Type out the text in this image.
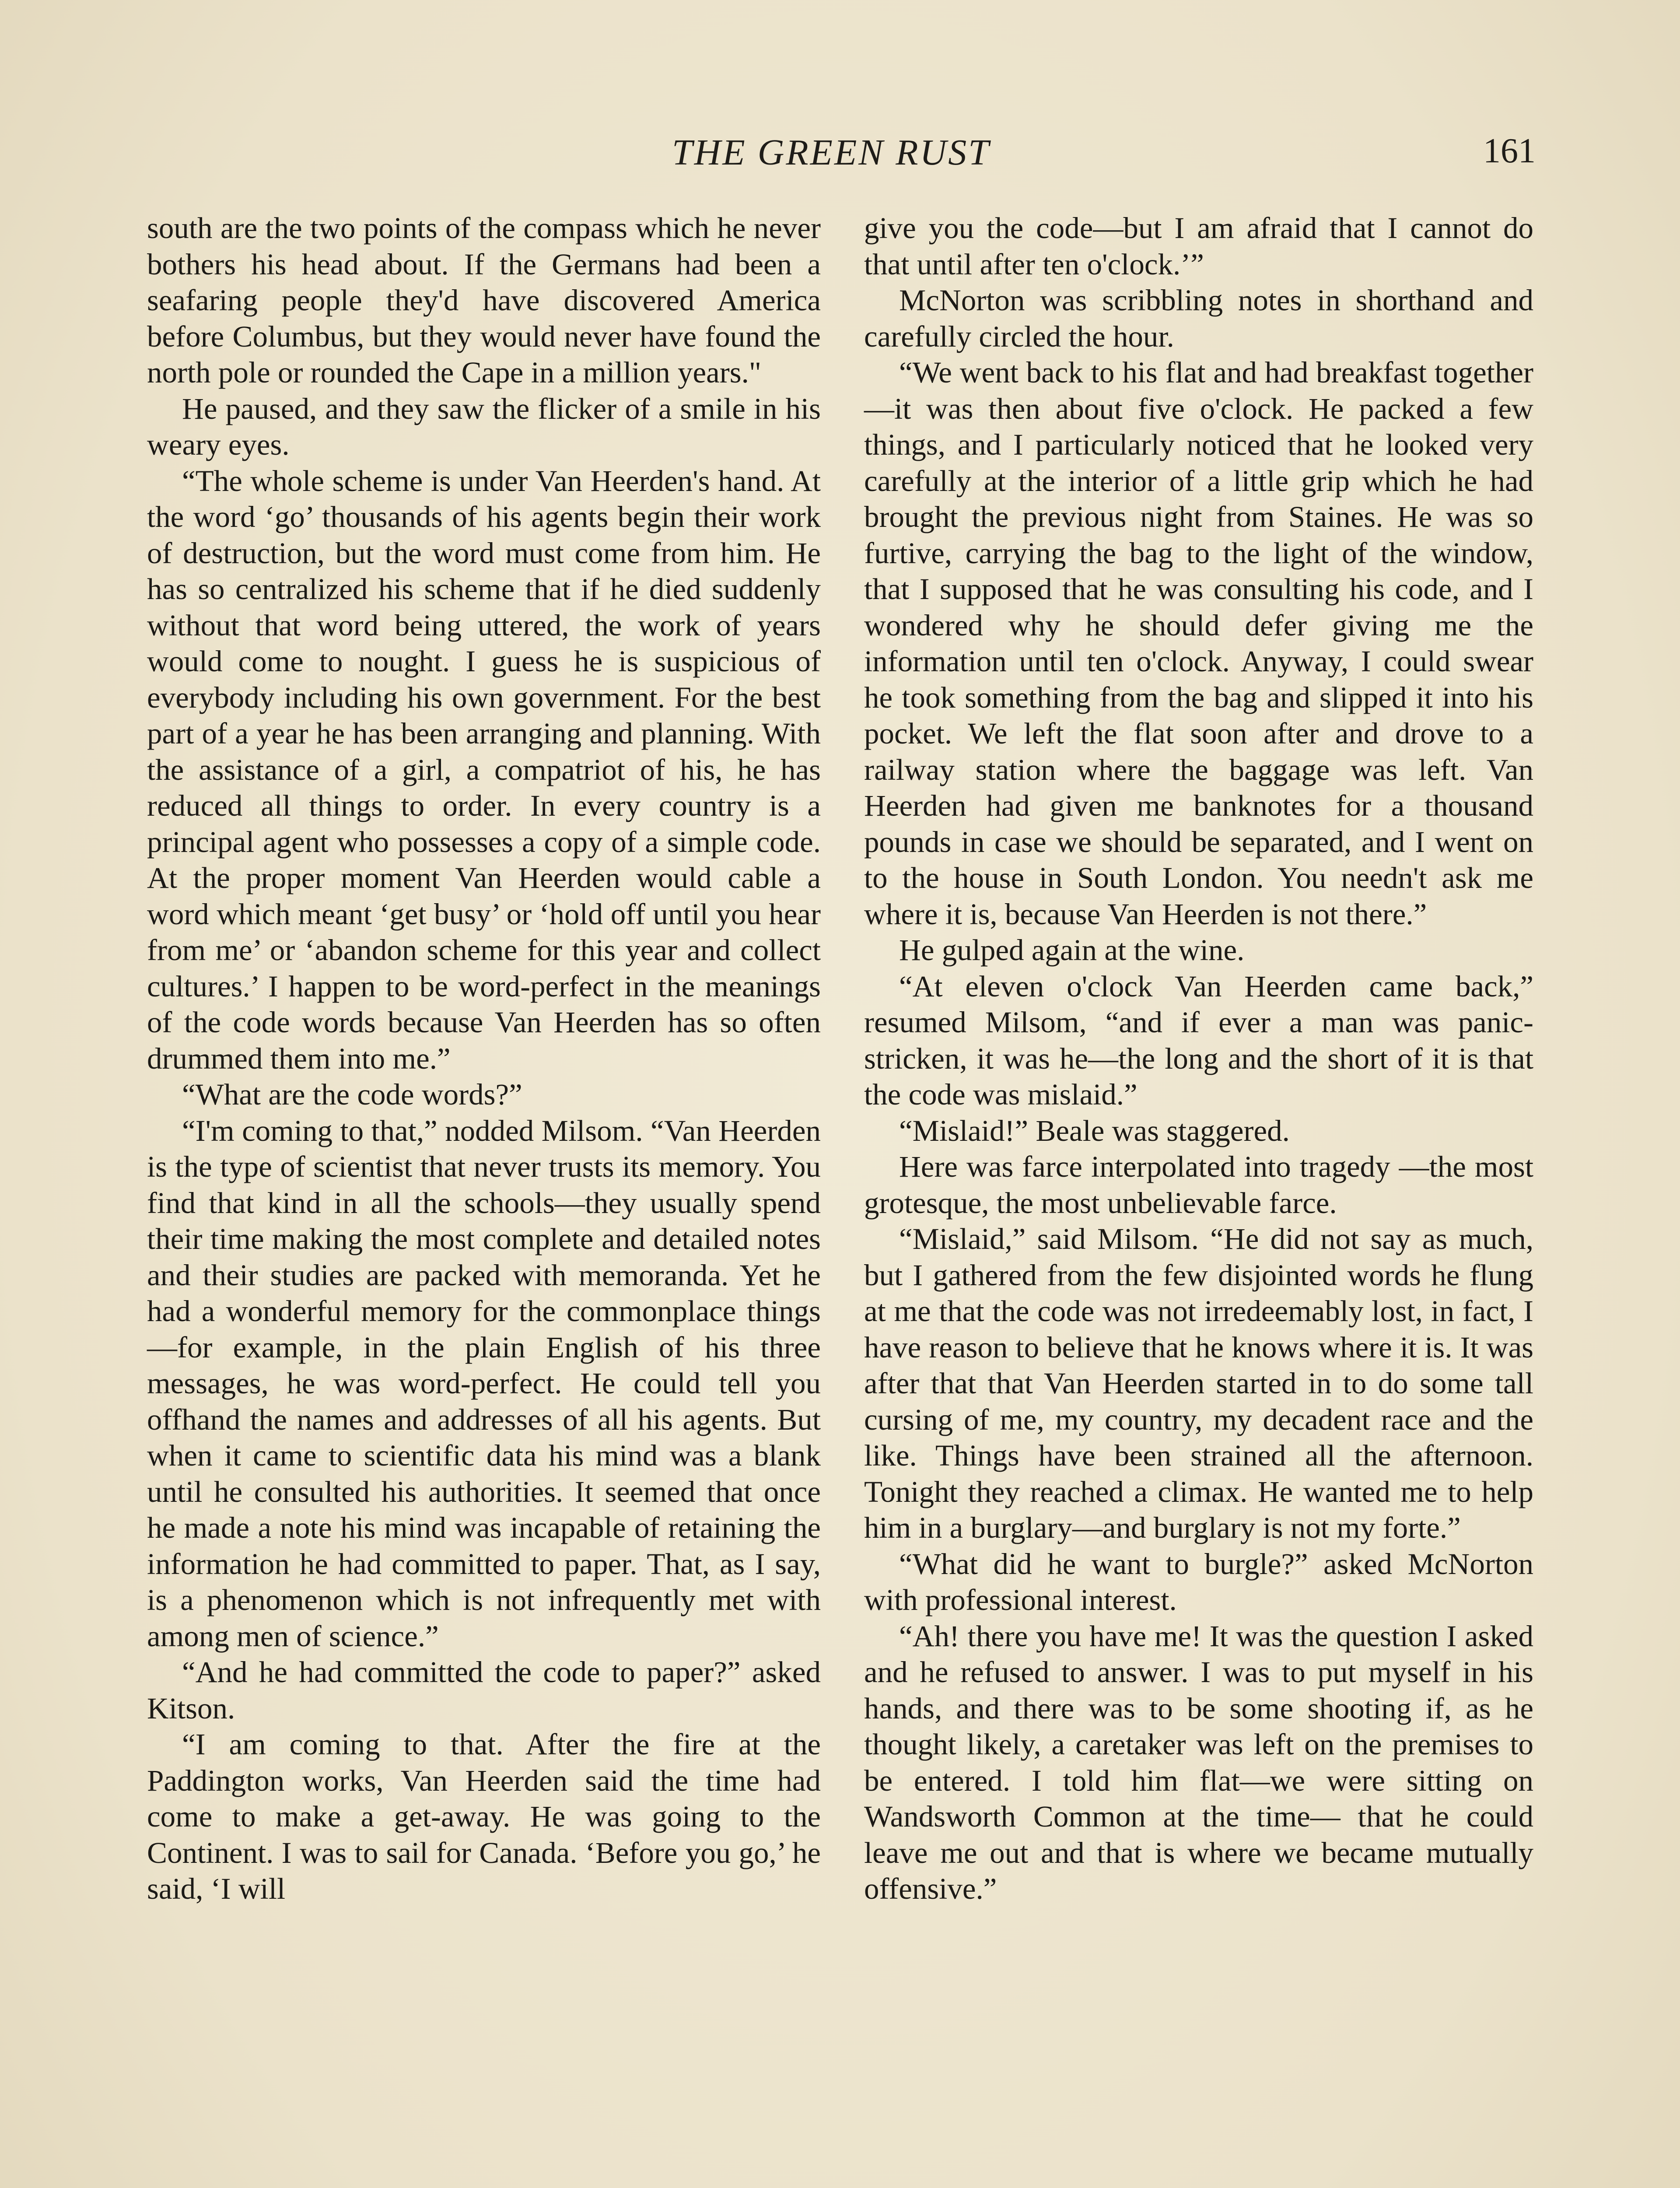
THE GREEN RUST	161

south are the two points of the compass which he never bothers his head about. If the Germans had been a seafaring people they'd have discovered America before Columbus, but they would never have found the north pole or rounded the Cape in a million years."

He paused, and they saw the flicker of a smile in his weary eyes.

“The whole scheme is under Van Heerden's hand. At the word ‘go’ thousands of his agents begin their work of destruction, but the word must come from him. He has so centralized his scheme that if he died suddenly without that word being uttered, the work of years would come to nought. I guess he is suspicious of everybody including his own government. For the best part of a year he has been arranging and planning. With the assistance of a girl, a compatriot of his, he has reduced all things to order. In every country is a principal agent who possesses a copy of a simple code. At the proper moment Van Heerden would cable a word which meant ‘get busy’ or ‘hold off until you hear from me’ or ‘abandon scheme for this year and collect cultures.’ I happen to be word-perfect in the meanings of the code words because Van Heerden has so often drummed them into me.”

“What are the code words?”

“I'm coming to that,” nodded Milsom. “Van Heerden is the type of scientist that never trusts its memory. You find that kind in all the schools—they usually spend their time making the most complete and detailed notes and their studies are packed with memoranda. Yet he had a wonderful memory for the commonplace things—for example, in the plain English of his three messages, he was word-perfect. He could tell you offhand the names and addresses of all his agents. But when it came to scientific data his mind was a blank until he consulted his authorities. It seemed that once he made a note his mind was incapable of retaining the information he had committed to paper. That, as I say, is a phenomenon which is not infrequently met with among men of science.”

“And he had committed the code to paper?” asked Kitson.

“I am coming to that. After the fire at the Paddington works, Van Heerden said the time had come to make a get-away. He was going to the Continent. I was to sail for Canada. ‘Before you go,’ he said, ‘I will

give you the code—but I am afraid that I cannot do that until after ten o'clock.’”

McNorton was scribbling notes in shorthand and carefully circled the hour.

“We went back to his flat and had breakfast together—it was then about five o'clock. He packed a few things, and I particularly noticed that he looked very carefully at the interior of a little grip which he had brought the previous night from Staines. He was so furtive, carrying the bag to the light of the window, that I supposed that he was consulting his code, and I wondered why he should defer giving me the information until ten o'clock. Anyway, I could swear he took something from the bag and slipped it into his pocket. We left the flat soon after and drove to a railway station where the baggage was left. Van Heerden had given me banknotes for a thousand pounds in case we should be separated, and I went on to the house in South London. You needn't ask me where it is, because Van Heerden is not there.”

He gulped again at the wine.

“At eleven o'clock Van Heerden came back,” resumed Milsom, “and if ever a man was panic-stricken, it was he—the long and the short of it is that the code was mislaid.”

“Mislaid!” Beale was staggered.

Here was farce interpolated into tragedy —the most grotesque, the most unbelievable farce.

“Mislaid,” said Milsom. “He did not say as much, but I gathered from the few disjointed words he flung at me that the code was not irredeemably lost, in fact, I have reason to believe that he knows where it is. It was after that that Van Heerden started in to do some tall cursing of me, my country, my decadent race and the like. Things have been strained all the afternoon. Tonight they reached a climax. He wanted me to help him in a burglary—and burglary is not my forte.”

“What did he want to burgle?” asked McNorton with professional interest.

“Ah! there you have me! It was the question I asked and he refused to answer. I was to put myself in his hands, and there was to be some shooting if, as he thought likely, a caretaker was left on the premises to be entered. I told him flat—we were sitting on Wandsworth Common at the time— that he could leave me out and that is where we became mutually offensive.”
